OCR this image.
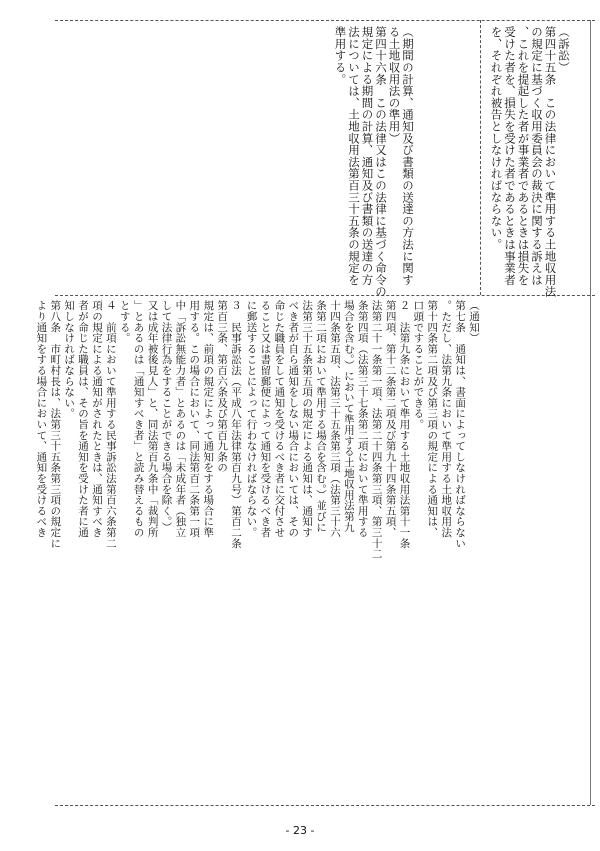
（訴訟）
第四十五条　この法律において準用する土地収用法
の規定に基づく収用委員会の裁決に関する訴えは
、これを提起した者が事業者であるときは損失を
受けた者を、損失を受けた者であるときは事業者
を、それぞれ被告としなければならない。
（期間の計算、通知及び書類の送達の方法に関す
る土地収用法の準用）
第四十六条　この法律又はこの法律に基づく命令の
規定による期間の計算、通知及び書類の送達の方
法については、土地収用法第百三十五条の規定を
準用する。
（通知）
第七条　通知は、書面によってしなければならない
。ただし、法第九条において準用する土地収用法
第十四条第二項及び第三項の規定による通知は、
口頭ですることができる。
２　法第九条において準用する土地収用法第十一条
第四項、第十二条第二項及び第九十四条第五項、
法第二十一条第一項、法第二十四条第三項、第三十二
条第四項（法第三十七条第二項において準用する
場合を含む。）において準用する土地収用法第九
十四条第五項、法第三十五条第三項（法第三十六
条第二項において準用する場合を含む。）並びに
法第三十五条第五項の規定による通知は、通知す
べき者が自ら通知をしない場合においては、その
命じた職員をして通知を受けるべき者に交付させ
ること又は書留郵便によって通知を受けるべき者
に郵送することによって行わなければならない。
３　民事訴訟法（平成八年法律第百九号）第百二条
第百三条、第百六条及び第百九条の
規定は、前項の規定によって通知をする場合に準
用する。この場合において、同法第百二条第一項
中「訴訟無能力者」とあるのは「未成年者（独立
して法律行為をすることができる場合を除く。）
又は成年被後見人」と、同法第百九条中「裁判所
」とあるのは「通知すべき者」と読み替えるもの
とする。
４　前項において準用する民事訴訟法第百六条第二
項の規定による通知がされたときは、通知すべき
者が命じた職員は、その旨を通知を受けた者に通
知しなければならない。
第八条　市町村長は、法第三十五条第三項の規定に
より通知をする場合において、通知を受けるべき
- 23 -
